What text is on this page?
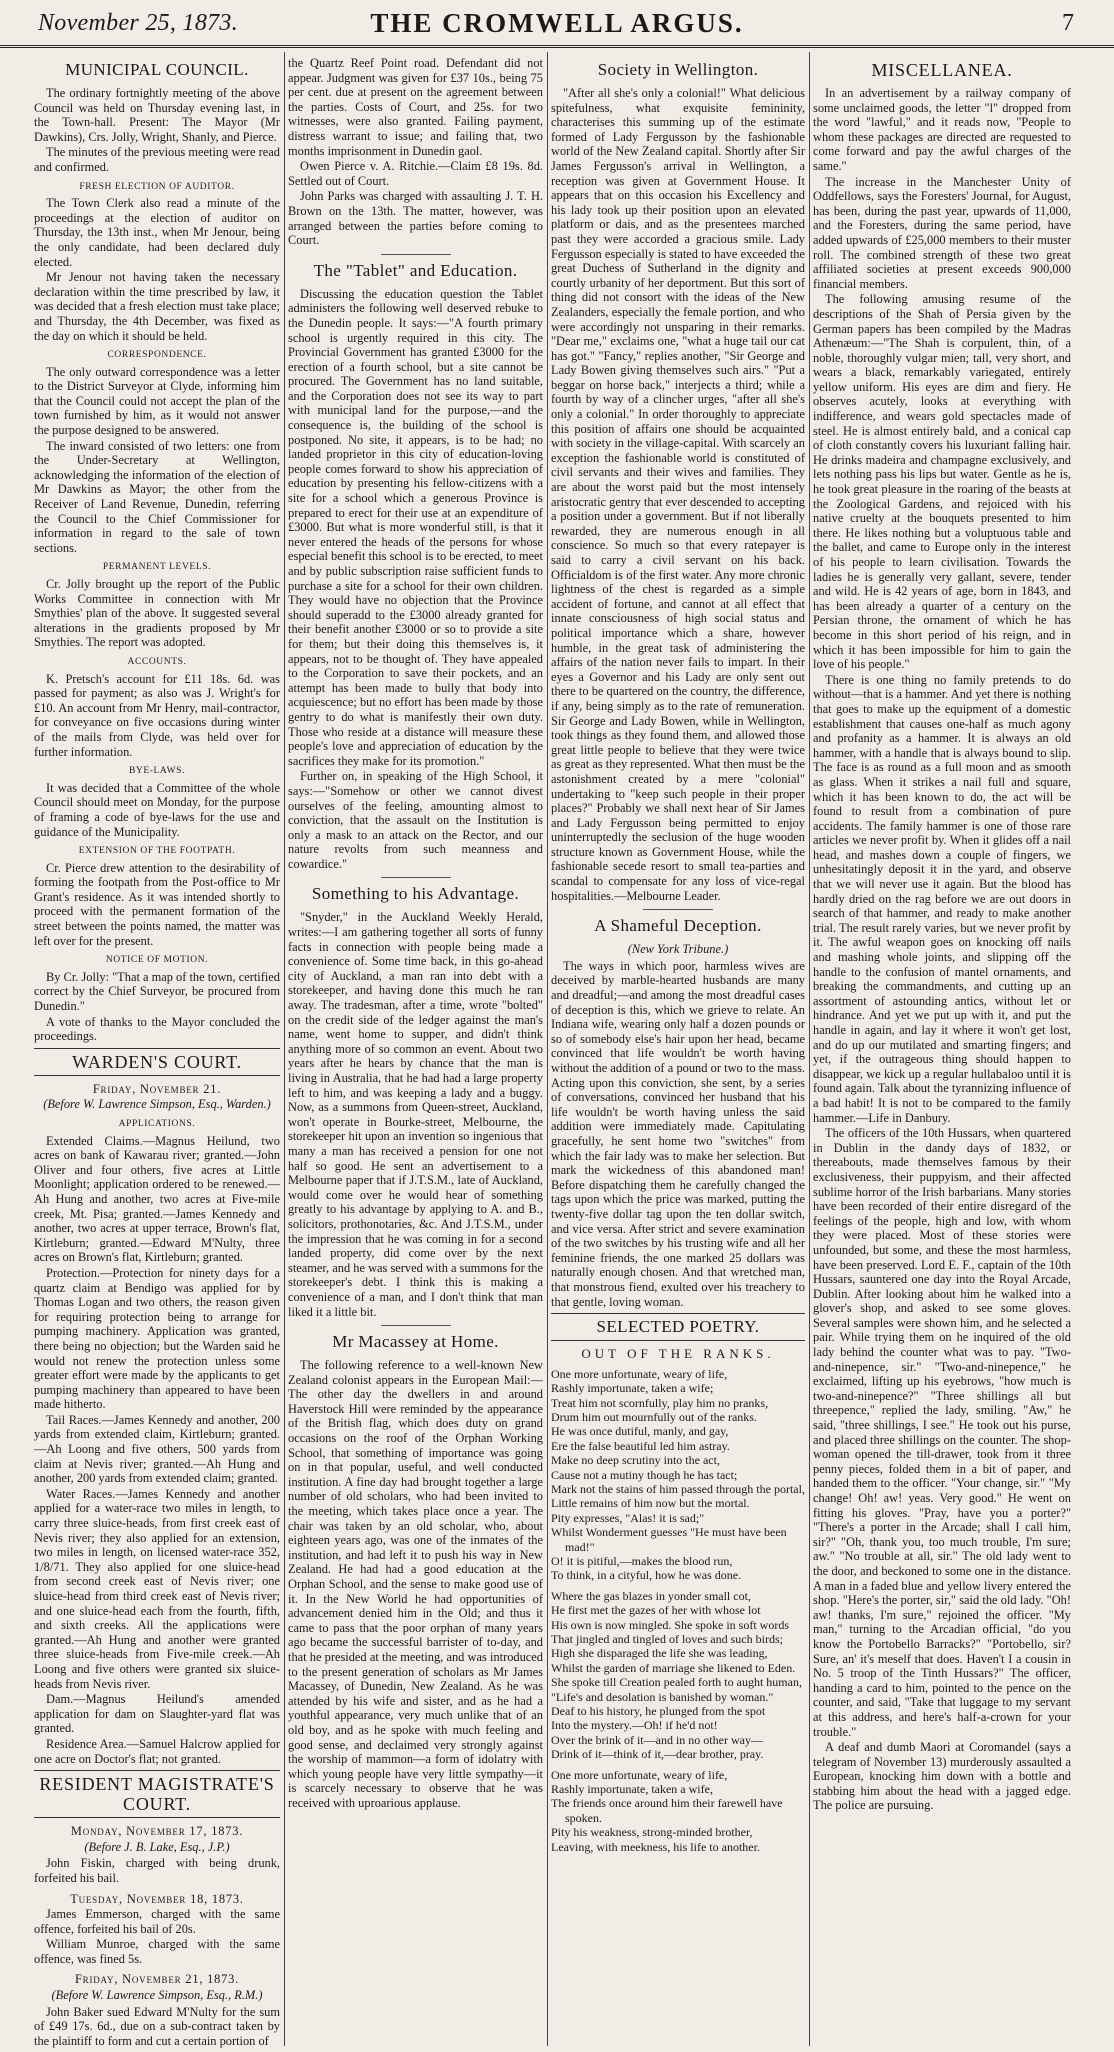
November 25, 1873.	THE CROMWELL ARGUS.	7
MUNICIPAL COUNCIL.

The ordinary fortnightly meeting of the above Council was held on Thursday evening last, in the Town-hall. Present: The Mayor (Mr Dawkins), Crs. Jolly, Wright, Shanly, and Pierce.

The minutes of the previous meeting were read and confirmed.

FRESH ELECTION OF AUDITOR.

The Town Clerk also read a minute of the proceedings at the election of auditor on Thursday, the 13th inst., when Mr Jenour, being the only candidate, had been declared duly elected.

Mr Jenour not having taken the necessary declaration within the time prescribed by law, it was decided that a fresh election must take place; and Thursday, the 4th December, was fixed as the day on which it should be held.

CORRESPONDENCE.

The only outward correspondence was a letter to the District Surveyor at Clyde, informing him that the Council could not accept the plan of the town furnished by him, as it would not answer the purpose designed to be answered.

The inward consisted of two letters: one from the Under-Secretary at Wellington, acknowledging the information of the election of Mr Dawkins as Mayor; the other from the Receiver of Land Revenue, Dunedin, referring the Council to the Chief Commissioner for information in regard to the sale of town sections.

PERMANENT LEVELS.

Cr. Jolly brought up the report of the Public Works Committee in connection with Mr Smythies' plan of the above. It suggested several alterations in the gradients proposed by Mr Smythies. The report was adopted.

ACCOUNTS.

K. Pretsch's account for £11 18s. 6d. was passed for payment; as also was J. Wright's for £10. An account from Mr Henry, mail-contractor, for conveyance on five occasions during winter of the mails from Clyde, was held over for further information.

BYE-LAWS.

It was decided that a Committee of the whole Council should meet on Monday, for the purpose of framing a code of bye-laws for the use and guidance of the Municipality.

EXTENSION OF THE FOOTPATH.

Cr. Pierce drew attention to the desirability of forming the footpath from the Post-office to Mr Grant's residence. As it was intended shortly to proceed with the permanent formation of the street between the points named, the matter was left over for the present.

NOTICE OF MOTION.

By Cr. Jolly: "That a map of the town, certified correct by the Chief Surveyor, be procured from Dunedin."

A vote of thanks to the Mayor concluded the proceedings.

WARDEN'S COURT.
Friday, November 21.
(Before W. Lawrence Simpson, Esq., Warden.)
APPLICATIONS.

Extended Claims.—Magnus Heilund, two acres on bank of Kawarau river; granted.—John Oliver and four others, five acres at Little Moonlight; application ordered to be renewed.—Ah Hung and another, two acres at Five-mile creek, Mt. Pisa; granted.—James Kennedy and another, two acres at upper terrace, Brown's flat, Kirtleburn; granted.—Edward M'Nulty, three acres on Brown's flat, Kirtleburn; granted.

Protection.—Protection for ninety days for a quartz claim at Bendigo was applied for by Thomas Logan and two others, the reason given for requiring protection being to arrange for pumping machinery. Application was granted, there being no objection; but the Warden said he would not renew the protection unless some greater effort were made by the applicants to get pumping machinery than appeared to have been made hitherto.

Tail Races.—James Kennedy and another, 200 yards from extended claim, Kirtleburn; granted.—Ah Loong and five others, 500 yards from claim at Nevis river; granted.—Ah Hung and another, 200 yards from extended claim; granted.

Water Races.—James Kennedy and another applied for a water-race two miles in length, to carry three sluice-heads, from first creek east of Nevis river; they also applied for an extension, two miles in length, on licensed water-race 352, 1/8/71. They also applied for one sluice-head from second creek east of Nevis river; one sluice-head from third creek east of Nevis river; and one sluice-head each from the fourth, fifth, and sixth creeks. All the applications were granted.—Ah Hung and another were granted three sluice-heads from Five-mile creek.—Ah Loong and five others were granted six sluice-heads from Nevis river.

Dam.—Magnus Heilund's amended application for dam on Slaughter-yard flat was granted.

Residence Area.—Samuel Halcrow applied for one acre on Doctor's flat; not granted.

RESIDENT MAGISTRATE'S COURT.
Monday, November 17, 1873.
(Before J. B. Lake, Esq., J.P.)

John Fiskin, charged with being drunk, forfeited his bail.

Tuesday, November 18, 1873.

James Emmerson, charged with the same offence, forfeited his bail of 20s.

William Munroe, charged with the same offence, was fined 5s.

Friday, November 21, 1873.
(Before W. Lawrence Simpson, Esq., R.M.)

John Baker sued Edward M'Nulty for the sum of £49 17s. 6d., due on a sub-contract taken by the plaintiff to form and cut a certain portion of

the Quartz Reef Point road. Defendant did not appear. Judgment was given for £37 10s., being 75 per cent. due at present on the agreement between the parties. Costs of Court, and 25s. for two witnesses, were also granted. Failing payment, distress warrant to issue; and failing that, two months imprisonment in Dunedin gaol.

Owen Pierce v. A. Ritchie.—Claim £8 19s. 8d. Settled out of Court.

John Parks was charged with assaulting J. T. H. Brown on the 13th. The matter, however, was arranged between the parties before coming to Court.

The "Tablet" and Education.

Discussing the education question the Tablet administers the following well deserved rebuke to the Dunedin people. It says:—"A fourth primary school is urgently required in this city. The Provincial Government has granted £3000 for the erection of a fourth school, but a site cannot be procured. The Government has no land suitable, and the Corporation does not see its way to part with municipal land for the purpose,—and the consequence is, the building of the school is postponed. No site, it appears, is to be had; no landed proprietor in this city of education-loving people comes forward to show his appreciation of education by presenting his fellow-citizens with a site for a school which a generous Province is prepared to erect for their use at an expenditure of £3000. But what is more wonderful still, is that it never entered the heads of the persons for whose especial benefit this school is to be erected, to meet and by public subscription raise sufficient funds to purchase a site for a school for their own children. They would have no objection that the Province should superadd to the £3000 already granted for their benefit another £3000 or so to provide a site for them; but their doing this themselves is, it appears, not to be thought of. They have appealed to the Corporation to save their pockets, and an attempt has been made to bully that body into acquiescence; but no effort has been made by those gentry to do what is manifestly their own duty. Those who reside at a distance will measure these people's love and appreciation of education by the sacrifices they make for its promotion."

Further on, in speaking of the High School, it says:—"Somehow or other we cannot divest ourselves of the feeling, amounting almost to conviction, that the assault on the Institution is only a mask to an attack on the Rector, and our nature revolts from such meanness and cowardice."

Something to his Advantage.

"Snyder," in the Auckland Weekly Herald, writes:—I am gathering together all sorts of funny facts in connection with people being made a convenience of. Some time back, in this go-ahead city of Auckland, a man ran into debt with a storekeeper, and having done this much he ran away. The tradesman, after a time, wrote "bolted" on the credit side of the ledger against the man's name, went home to supper, and didn't think anything more of so common an event. About two years after he hears by chance that the man is living in Australia, that he had had a large property left to him, and was keeping a lady and a buggy. Now, as a summons from Queen-street, Auckland, won't operate in Bourke-street, Melbourne, the storekeeper hit upon an invention so ingenious that many a man has received a pension for one not half so good. He sent an advertisement to a Melbourne paper that if J.T.S.M., late of Auckland, would come over he would hear of something greatly to his advantage by applying to A. and B., solicitors, prothonotaries, &c. And J.T.S.M., under the impression that he was coming in for a second landed property, did come over by the next steamer, and he was served with a summons for the storekeeper's debt. I think this is making a convenience of a man, and I don't think that man liked it a little bit.

Mr Macassey at Home.

The following reference to a well-known New Zealand colonist appears in the European Mail:—The other day the dwellers in and around Haverstock Hill were reminded by the appearance of the British flag, which does duty on grand occasions on the roof of the Orphan Working School, that something of importance was going on in that popular, useful, and well conducted institution. A fine day had brought together a large number of old scholars, who had been invited to the meeting, which takes place once a year. The chair was taken by an old scholar, who, about eighteen years ago, was one of the inmates of the institution, and had left it to push his way in New Zealand. He had had a good education at the Orphan School, and the sense to make good use of it. In the New World he had opportunities of advancement denied him in the Old; and thus it came to pass that the poor orphan of many years ago became the successful barrister of to-day, and that he presided at the meeting, and was introduced to the present generation of scholars as Mr James Macassey, of Dunedin, New Zealand. As he was attended by his wife and sister, and as he had a youthful appearance, very much unlike that of an old boy, and as he spoke with much feeling and good sense, and declaimed very strongly against the worship of mammon—a form of idolatry with which young people have very little sympathy—it is scarcely necessary to observe that he was received with uproarious applause.

Society in Wellington.

"After all she's only a colonial!" What delicious spitefulness, what exquisite femininity, characterises this summing up of the estimate formed of Lady Fergusson by the fashionable world of the New Zealand capital. Shortly after Sir James Fergusson's arrival in Wellington, a reception was given at Government House. It appears that on this occasion his Excellency and his lady took up their position upon an elevated platform or dais, and as the presentees marched past they were accorded a gracious smile. Lady Fergusson especially is stated to have exceeded the great Duchess of Sutherland in the dignity and courtly urbanity of her deportment. But this sort of thing did not consort with the ideas of the New Zealanders, especially the female portion, and who were accordingly not unsparing in their remarks. "Dear me," exclaims one, "what a huge tail our cat has got." "Fancy," replies another, "Sir George and Lady Bowen giving themselves such airs." "Put a beggar on horse back," interjects a third; while a fourth by way of a clincher urges, "after all she's only a colonial." In order thoroughly to appreciate this position of affairs one should be acquainted with society in the village-capital. With scarcely an exception the fashionable world is constituted of civil servants and their wives and families. They are about the worst paid but the most intensely aristocratic gentry that ever descended to accepting a position under a government. But if not liberally rewarded, they are numerous enough in all conscience. So much so that every ratepayer is said to carry a civil servant on his back. Officialdom is of the first water. Any more chronic lightness of the chest is regarded as a simple accident of fortune, and cannot at all effect that innate consciousness of high social status and political importance which a share, however humble, in the great task of administering the affairs of the nation never fails to impart. In their eyes a Governor and his Lady are only sent out there to be quartered on the country, the difference, if any, being simply as to the rate of remuneration. Sir George and Lady Bowen, while in Wellington, took things as they found them, and allowed those great little people to believe that they were twice as great as they represented. What then must be the astonishment created by a mere "colonial" undertaking to "keep such people in their proper places?" Probably we shall next hear of Sir James and Lady Fergusson being permitted to enjoy uninterruptedly the seclusion of the huge wooden structure known as Government House, while the fashionable secede resort to small tea-parties and scandal to compensate for any loss of vice-regal hospitalities.—Melbourne Leader.

A Shameful Deception.
(New York Tribune.)

The ways in which poor, harmless wives are deceived by marble-hearted husbands are many and dreadful;—and among the most dreadful cases of deception is this, which we grieve to relate. An Indiana wife, wearing only half a dozen pounds or so of somebody else's hair upon her head, became convinced that life wouldn't be worth having without the addition of a pound or two to the mass. Acting upon this conviction, she sent, by a series of conversations, convinced her husband that his life wouldn't be worth having unless the said addition were immediately made. Capitulating gracefully, he sent home two "switches" from which the fair lady was to make her selection. But mark the wickedness of this abandoned man! Before dispatching them he carefully changed the tags upon which the price was marked, putting the twenty-five dollar tag upon the ten dollar switch, and vice versa. After strict and severe examination of the two switches by his trusting wife and all her feminine friends, the one marked 25 dollars was naturally enough chosen. And that wretched man, that monstrous fiend, exulted over his treachery to that gentle, loving woman.

SELECTED POETRY.
OUT OF THE RANKS.
One more unfortunate, weary of life,
Rashly importunate, taken a wife;
Treat him not scornfully, play him no pranks,
Drum him out mournfully out of the ranks.
He was once dutiful, manly, and gay,
Ere the false beautiful led him astray.
Make no deep scrutiny into the act,
Cause not a mutiny though he has tact;
Mark not the stains of him passed through the portal,
Little remains of him now but the mortal.
Pity expresses, "Alas! it is sad;"
Whilst Wonderment guesses "He must have been mad!"
O! it is pitiful,—makes the blood run,
To think, in a cityful, how he was done.
Where the gas blazes in yonder small cot,
He first met the gazes of her with whose lot
His own is now mingled. She spoke in soft words
That jingled and tingled of loves and such birds;
High she disparaged the life she was leading,
Whilst the garden of marriage she likened to Eden.
She spoke till Creation pealed forth to aught human,
"Life's and desolation is banished by woman."
Deaf to his history, he plunged from the spot
Into the mystery.—Oh! if he'd not!
Over the brink of it—and in no other way—
Drink of it—think of it,—dear brother, pray.
One more unfortunate, weary of life,
Rashly importunate, taken a wife,
The friends once around him their farewell have spoken.
Pity his weakness, strong-minded brother,
Leaving, with meekness, his life to another.
MISCELLANEA.

In an advertisement by a railway company of some unclaimed goods, the letter "l" dropped from the word "lawful," and it reads now, "People to whom these packages are directed are requested to come forward and pay the awful charges of the same."

The increase in the Manchester Unity of Oddfellows, says the Foresters' Journal, for August, has been, during the past year, upwards of 11,000, and the Foresters, during the same period, have added upwards of £25,000 members to their muster roll. The combined strength of these two great affiliated societies at present exceeds 900,000 financial members.

The following amusing resume of the descriptions of the Shah of Persia given by the German papers has been compiled by the Madras Athenæum:—"The Shah is corpulent, thin, of a noble, thoroughly vulgar mien; tall, very short, and wears a black, remarkably variegated, entirely yellow uniform. His eyes are dim and fiery. He observes acutely, looks at everything with indifference, and wears gold spectacles made of steel. He is almost entirely bald, and a conical cap of cloth constantly covers his luxuriant falling hair. He drinks madeira and champagne exclusively, and lets nothing pass his lips but water. Gentle as he is, he took great pleasure in the roaring of the beasts at the Zoological Gardens, and rejoiced with his native cruelty at the bouquets presented to him there. He likes nothing but a voluptuous table and the ballet, and came to Europe only in the interest of his people to learn civilisation. Towards the ladies he is generally very gallant, severe, tender and wild. He is 42 years of age, born in 1843, and has been already a quarter of a century on the Persian throne, the ornament of which he has become in this short period of his reign, and in which it has been impossible for him to gain the love of his people."

There is one thing no family pretends to do without—that is a hammer. And yet there is nothing that goes to make up the equipment of a domestic establishment that causes one-half as much agony and profanity as a hammer. It is always an old hammer, with a handle that is always bound to slip. The face is as round as a full moon and as smooth as glass. When it strikes a nail full and square, which it has been known to do, the act will be found to result from a combination of pure accidents. The family hammer is one of those rare articles we never profit by. When it glides off a nail head, and mashes down a couple of fingers, we unhesitatingly deposit it in the yard, and observe that we will never use it again. But the blood has hardly dried on the rag before we are out doors in search of that hammer, and ready to make another trial. The result rarely varies, but we never profit by it. The awful weapon goes on knocking off nails and mashing whole joints, and slipping off the handle to the confusion of mantel ornaments, and breaking the commandments, and cutting up an assortment of astounding antics, without let or hindrance. And yet we put up with it, and put the handle in again, and lay it where it won't get lost, and do up our mutilated and smarting fingers; and yet, if the outrageous thing should happen to disappear, we kick up a regular hullabaloo until it is found again. Talk about the tyrannizing influence of a bad habit! It is not to be compared to the family hammer.—Life in Danbury.

The officers of the 10th Hussars, when quartered in Dublin in the dandy days of 1832, or thereabouts, made themselves famous by their exclusiveness, their puppyism, and their affected sublime horror of the Irish barbarians. Many stories have been recorded of their entire disregard of the feelings of the people, high and low, with whom they were placed. Most of these stories were unfounded, but some, and these the most harmless, have been preserved. Lord E. F., captain of the 10th Hussars, sauntered one day into the Royal Arcade, Dublin. After looking about him he walked into a glover's shop, and asked to see some gloves. Several samples were shown him, and he selected a pair. While trying them on he inquired of the old lady behind the counter what was to pay. "Two-and-ninepence, sir." "Two-and-ninepence," he exclaimed, lifting up his eyebrows, "how much is two-and-ninepence?" "Three shillings all but threepence," replied the lady, smiling. "Aw," he said, "three shillings, I see." He took out his purse, and placed three shillings on the counter. The shop-woman opened the till-drawer, took from it three penny pieces, folded them in a bit of paper, and handed them to the officer. "Your change, sir." "My change! Oh! aw! yeas. Very good." He went on fitting his gloves. "Pray, have you a porter?" "There's a porter in the Arcade; shall I call him, sir?" "Oh, thank you, too much trouble, I'm sure; aw." "No trouble at all, sir." The old lady went to the door, and beckoned to some one in the distance. A man in a faded blue and yellow livery entered the shop. "Here's the porter, sir," said the old lady. "Oh! aw! thanks, I'm sure," rejoined the officer. "My man," turning to the Arcadian official, "do you know the Portobello Barracks?" "Portobello, sir? Sure, an' it's meself that does. Haven't I a cousin in No. 5 troop of the Tinth Hussars?" The officer, handing a card to him, pointed to the pence on the counter, and said, "Take that luggage to my servant at this address, and here's half-a-crown for your trouble."

A deaf and dumb Maori at Coromandel (says a telegram of November 13) murderously assaulted a European, knocking him down with a bottle and stabbing him about the head with a jagged edge. The police are pursuing.
